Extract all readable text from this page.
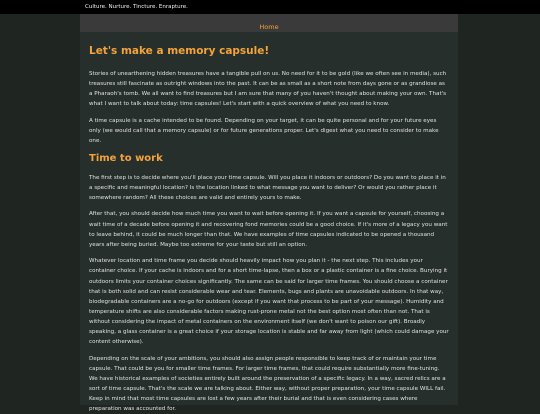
Culture. Nurture. Tincture. Enrapture.
Home
Let's make a memory capsule!

Stories of unearthening hidden treasures have a tangible pull on us. No need for it to be gold (like we often see in media), such treasures still fascinate as outright windows into the past. It can be as small as a short note from days gone or as grandiose as a Pharaoh's tomb. We all want to find treasures but I am sure that many of you haven't thought about making your own. That's what I want to talk about today: time capsules! Let's start with a quick overview of what you need to know.

A time capsule is a cache intended to be found. Depending on your target, it can be quite personal and for your future eyes only (we would call that a memory capsule) or for future generations proper. Let's digest what you need to consider to make one.

Time to work

The first step is to decide where you'll place your time capsule. Will you place it indoors or outdoors? Do you want to place it in a specific and meaningful location? Is the location linked to what message you want to deliver? Or would you rather place it somewhere random? All these choices are valid and entirely yours to make.

After that, you should decide how much time you want to wait before opening it. If you want a capsule for yourself, choosing a wait time of a decade before opening it and recovering fond memories could be a good choice. If it's more of a legacy you want to leave behind, it could be much longer than that. We have examples of time capsules indicated to be opened a thousand years after being buried. Maybe too extreme for your taste but still an option.

Whatever location and time frame you decide should heavily impact how you plan it - the next step. This includes your container choice. If your cache is indoors and for a short time-lapse, then a box or a plastic container is a fine choice. Burying it outdoors limits your container choices significantly. The same can be said for larger time frames. You should choose a container that is both solid and can resist considerable wear and tear. Elements, bugs and plants are unavoidable outdoors. In that way, biodegradable containers are a no-go for outdoors (except if you want that process to be part of your message). Humidity and temperature shifts are also considerable factors making rust-prone metal not the best option most often than not. That is without considering the impact of metal containers on the environment itself (we don't want to poison our gift). Broadly speaking, a glass container is a great choice if your storage location is stable and far away from light (which could damage your content otherwise).

Depending on the scale of your ambitions, you should also assign people responsible to keep track of or maintain your time capsule. That could be you for smaller time frames. For larger time frames, that could require substantially more fine-tuning. We have historical examples of societies entirely built around the preservation of a specific legacy. In a way, sacred relics are a sort of time capsule. That's the scale we are talking about. Either way, without proper preparation, your time capsule WILL fail. Keep in mind that most time capsules are lost a few years after their burial and that is even considering cases where preparation was accounted for.
